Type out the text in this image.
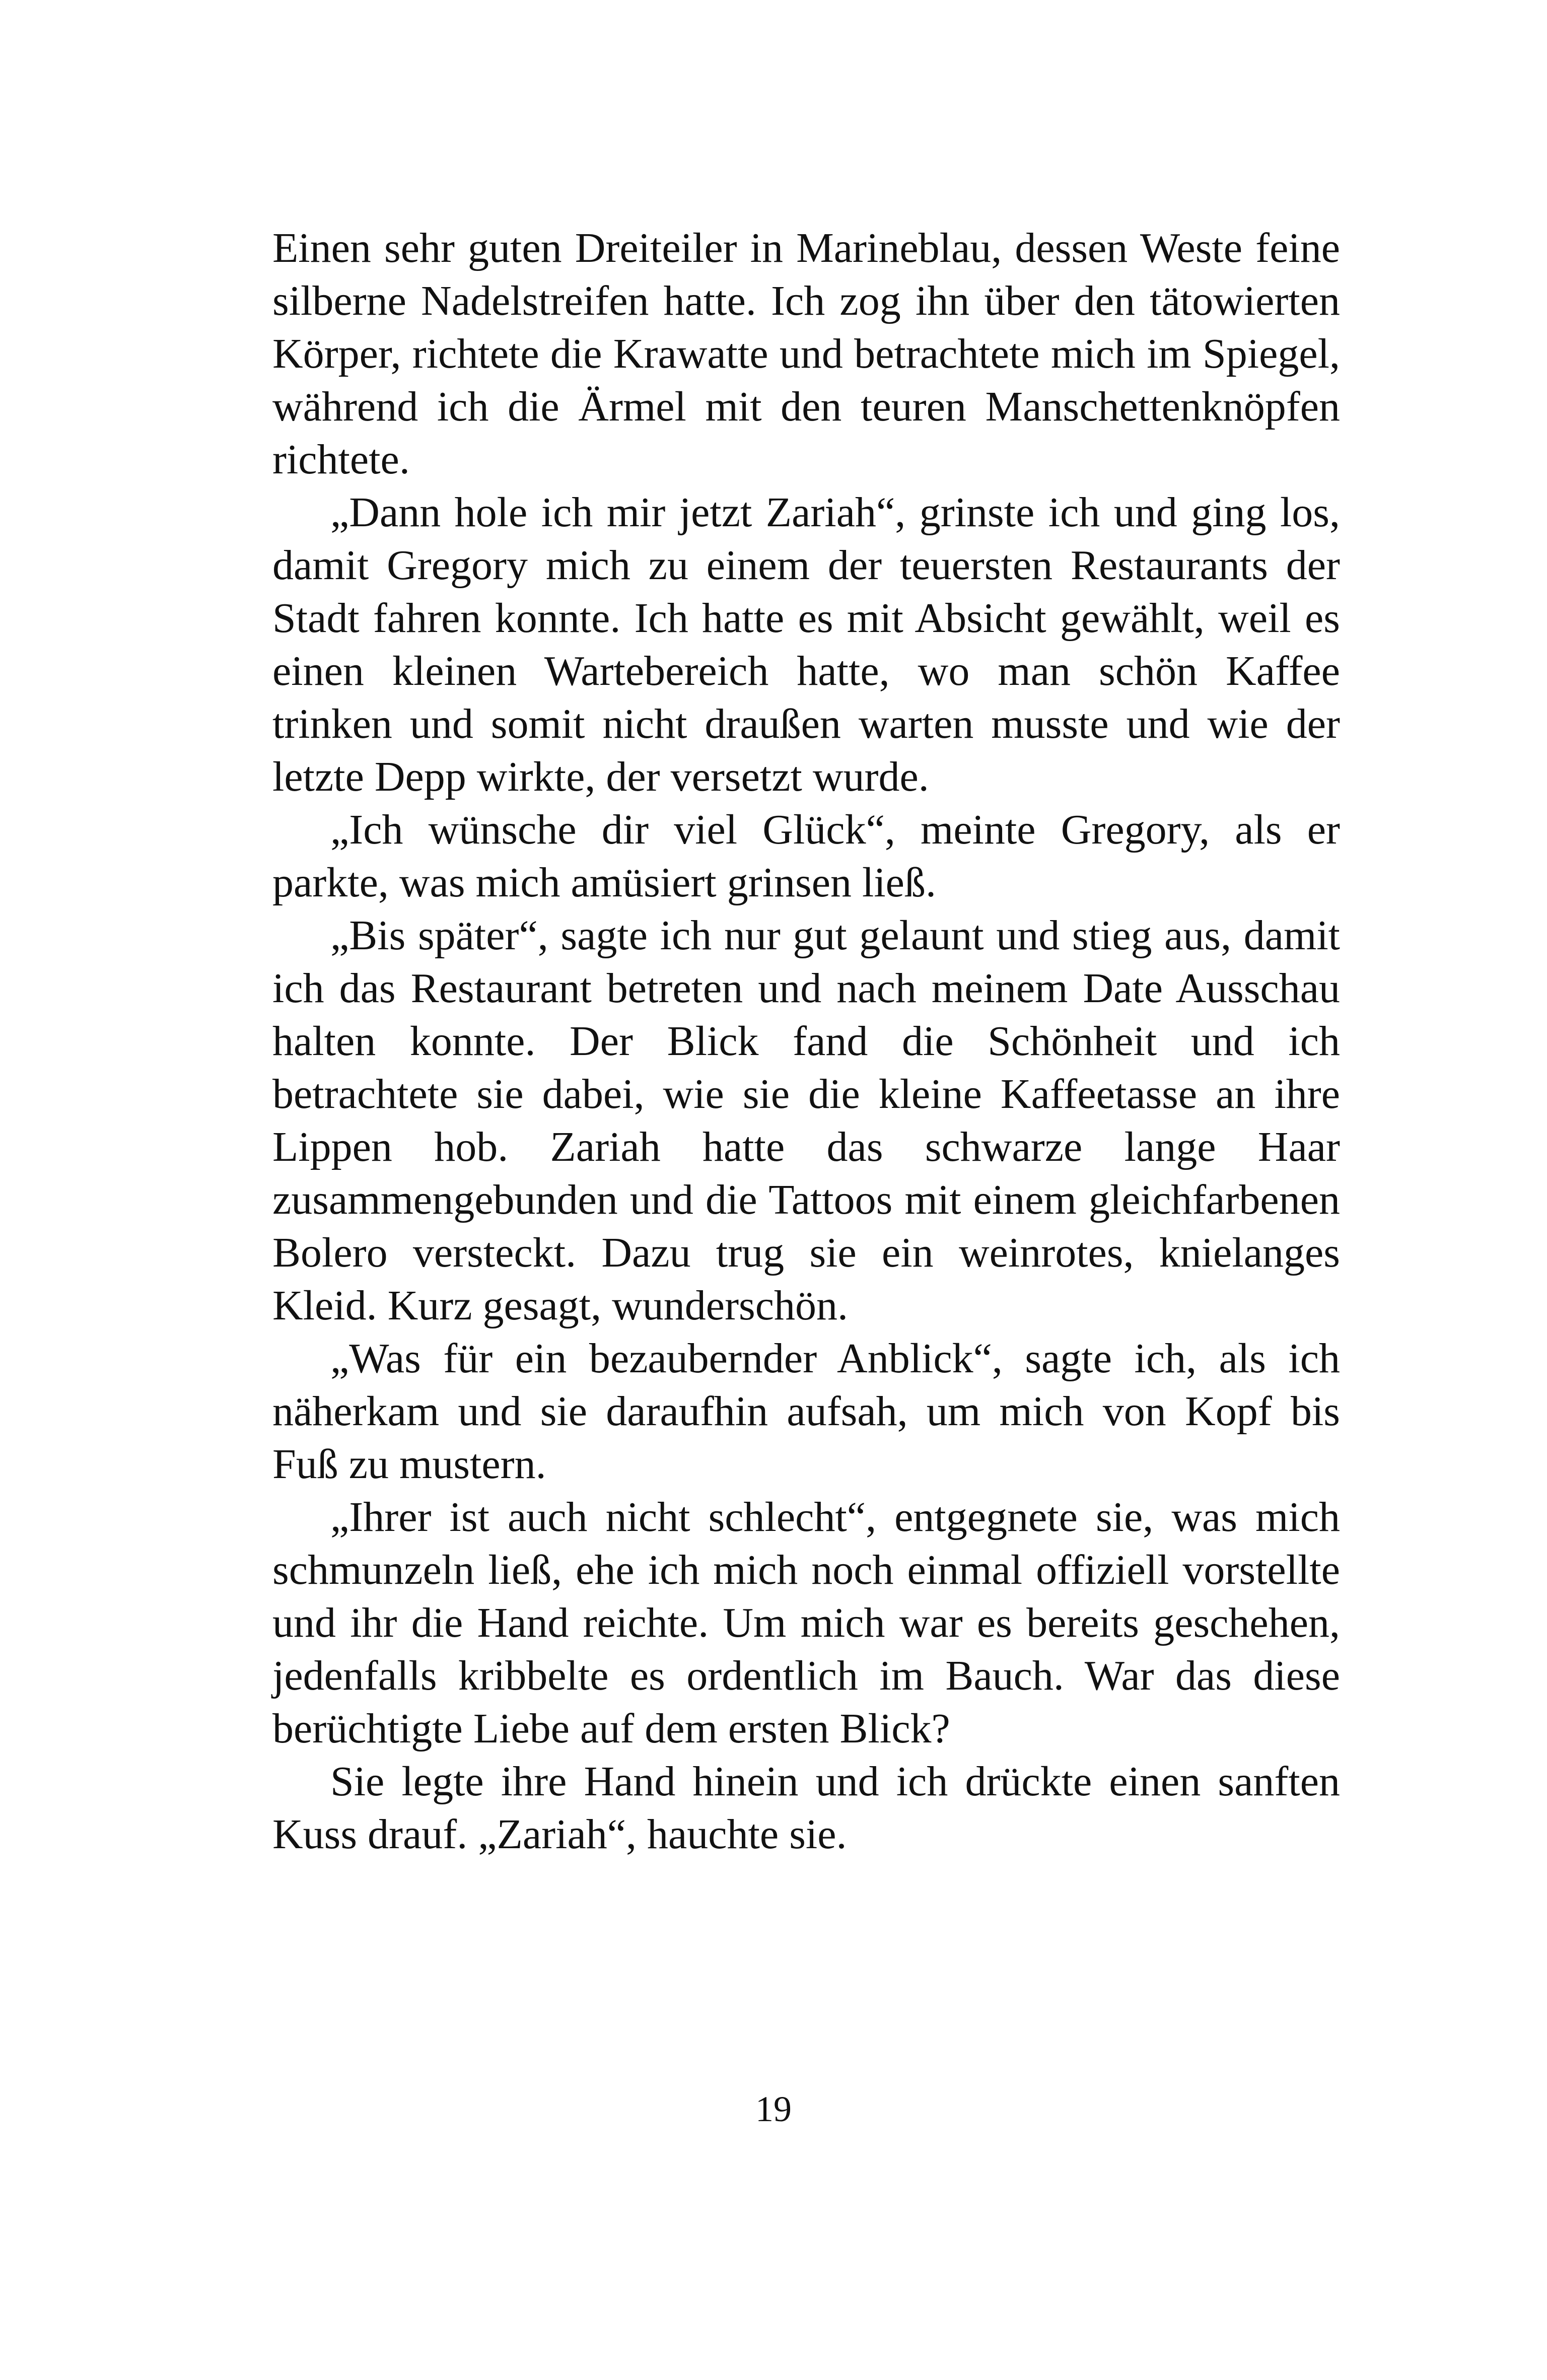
Einen sehr guten Dreiteiler in Marineblau, dessen Weste feine silberne Nadelstreifen hatte. Ich zog ihn über den tätowierten Körper, richtete die Krawatte und betrachtete mich im Spiegel, während ich die Ärmel mit den teuren Manschettenknöpfen richtete.

„Dann hole ich mir jetzt Zariah“, grinste ich und ging los, damit Gregory mich zu einem der teuersten Restaurants der Stadt fahren konnte. Ich hatte es mit Absicht gewählt, weil es einen kleinen Wartebereich hatte, wo man schön Kaffee trinken und somit nicht draußen warten musste und wie der letzte Depp wirkte, der versetzt wurde.

„Ich wünsche dir viel Glück“, meinte Gregory, als er parkte, was mich amüsiert grinsen ließ.

„Bis später“, sagte ich nur gut gelaunt und stieg aus, damit ich das Restaurant betreten und nach meinem Date Ausschau halten konnte. Der Blick fand die Schönheit und ich betrachtete sie dabei, wie sie die kleine Kaffeetasse an ihre Lippen hob. Zariah hatte das schwarze lange Haar zusammengebunden und die Tattoos mit einem gleichfarbenen Bolero versteckt. Dazu trug sie ein weinrotes, knielanges Kleid. Kurz gesagt, wunderschön.

„Was für ein bezaubernder Anblick“, sagte ich, als ich näherkam und sie daraufhin aufsah, um mich von Kopf bis Fuß zu mustern.

„Ihrer ist auch nicht schlecht“, entgegnete sie, was mich schmunzeln ließ, ehe ich mich noch einmal offiziell vorstellte und ihr die Hand reichte. Um mich war es bereits geschehen, jedenfalls kribbelte es ordentlich im Bauch. War das diese berüchtigte Liebe auf dem ersten Blick?

Sie legte ihre Hand hinein und ich drückte einen sanften Kuss drauf. „Zariah“, hauchte sie.

19
